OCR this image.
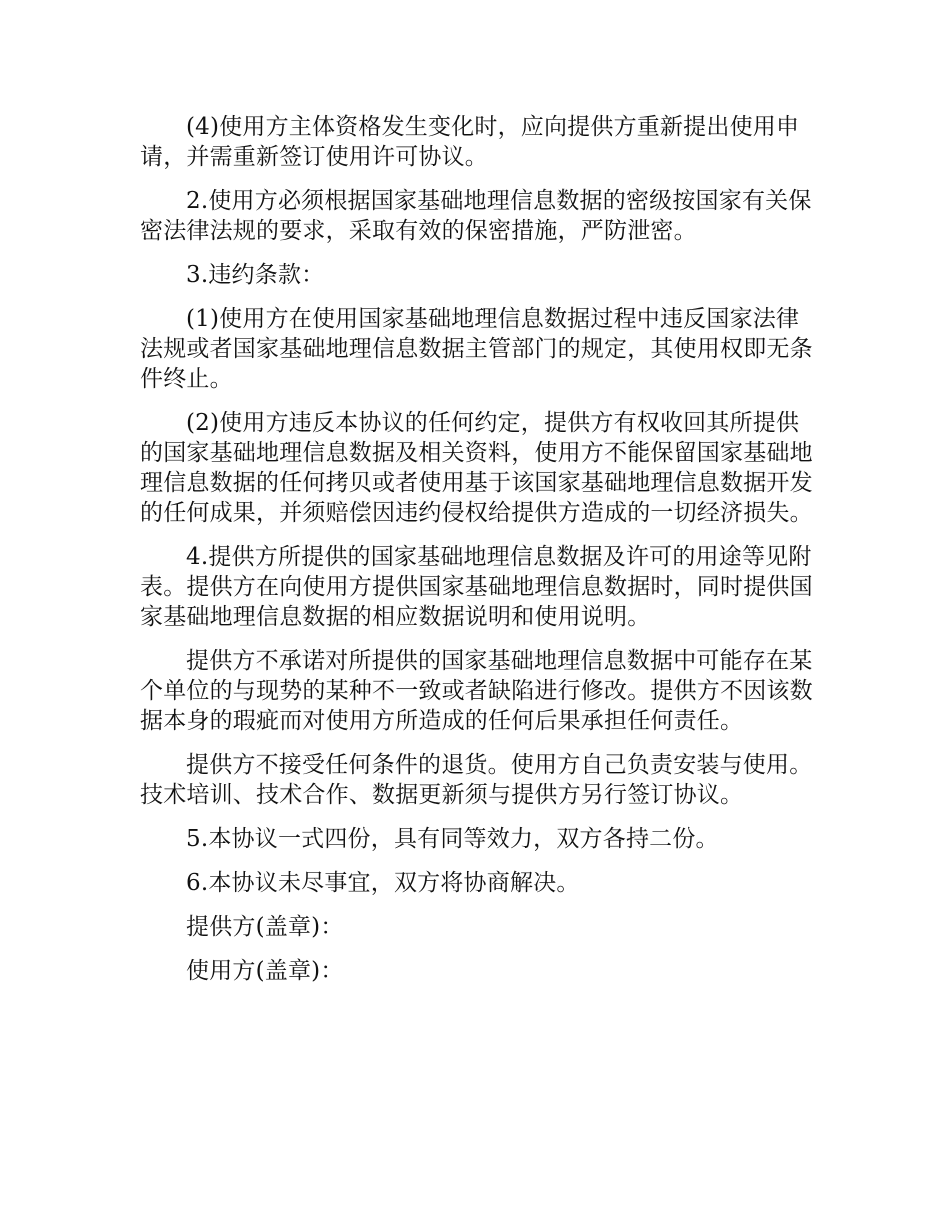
(4)使用方主体资格发生变化时，应向提供方重新提出使用申请，并需重新签订使用许可协议。

2.使用方必须根据国家基础地理信息数据的密级按国家有关保密法律法规的要求，采取有效的保密措施，严防泄密。

3.违约条款：

(1)使用方在使用国家基础地理信息数据过程中违反国家法律法规或者国家基础地理信息数据主管部门的规定，其使用权即无条件终止。

(2)使用方违反本协议的任何约定，提供方有权收回其所提供的国家基础地理信息数据及相关资料，使用方不能保留国家基础地理信息数据的任何拷贝或者使用基于该国家基础地理信息数据开发的任何成果，并须赔偿因违约侵权给提供方造成的一切经济损失。

4.提供方所提供的国家基础地理信息数据及许可的用途等见附表。提供方在向使用方提供国家基础地理信息数据时，同时提供国家基础地理信息数据的相应数据说明和使用说明。

提供方不承诺对所提供的国家基础地理信息数据中可能存在某个单位的与现势的某种不一致或者缺陷进行修改。提供方不因该数据本身的瑕疵而对使用方所造成的任何后果承担任何责任。

提供方不接受任何条件的退货。使用方自己负责安装与使用。技术培训、技术合作、数据更新须与提供方另行签订协议。

5.本协议一式四份，具有同等效力，双方各持二份。

6.本协议未尽事宜，双方将协商解决。

提供方(盖章)：

使用方(盖章)：
